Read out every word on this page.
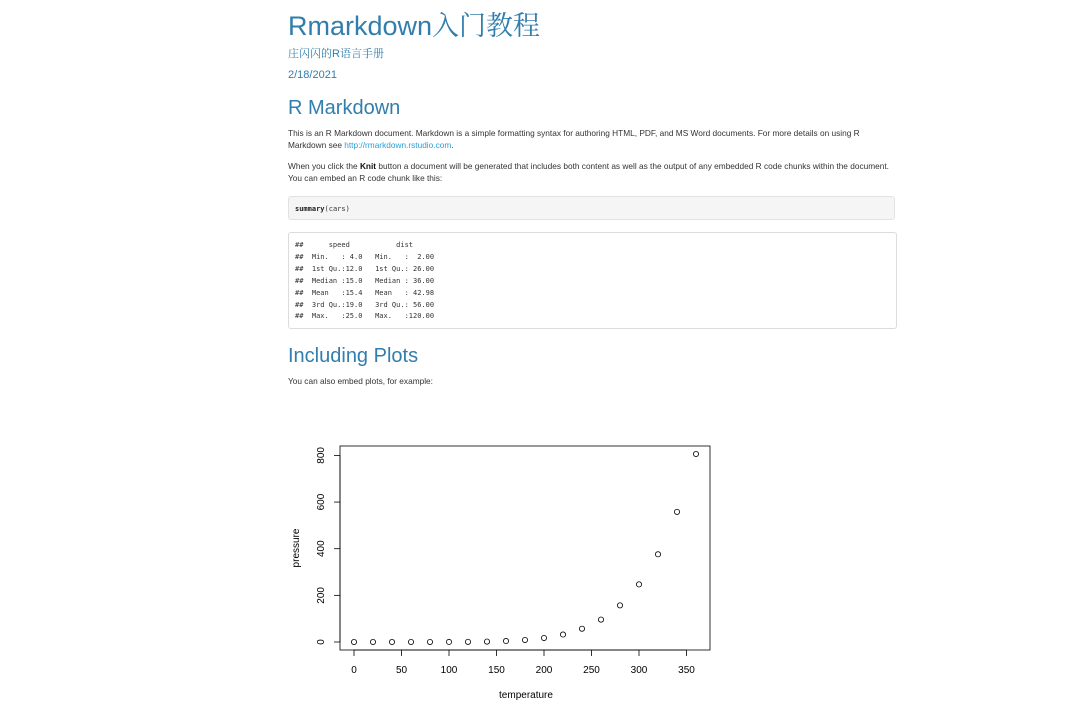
Rmarkdown入门教程
庄闪闪的R语言手册
2/18/2021
R Markdown

This is an R Markdown document. Markdown is a simple formatting syntax for authoring HTML, PDF, and MS Word documents. For more details on using R Markdown see http://rmarkdown.rstudio.com.

When you click the Knit button a document will be generated that includes both content as well as the output of any embedded R code chunks within the document. You can embed an R code chunk like this:

summary(cars)
##      speed           dist
##  Min.   : 4.0   Min.   :  2.00
##  1st Qu.:12.0   1st Qu.: 26.00
##  Median :15.0   Median : 36.00
##  Mean   :15.4   Mean   : 42.98
##  3rd Qu.:19.0   3rd Qu.: 56.00
##  Max.   :25.0   Max.   :120.00
Including Plots

You can also embed plots, for example:

0	50	100	150	200	250	300	350
0
200
400
600
800
temperature
pressure
